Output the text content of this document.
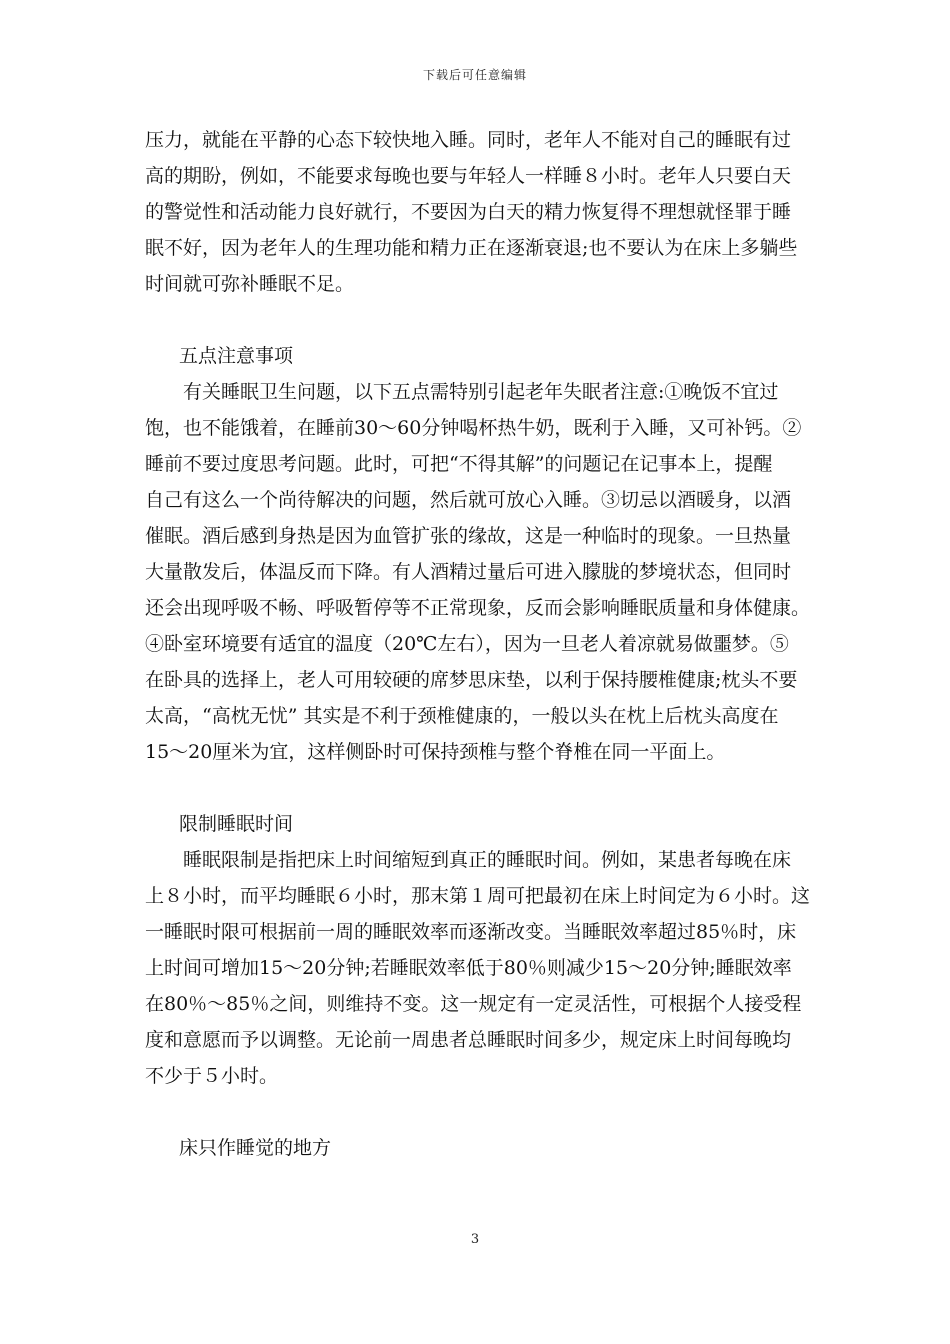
下载后可任意编辑
压力，就能在平静的心态下较快地入睡。同时，老年人不能对自己的睡眠有过
高的期盼，例如，不能要求每晚也要与年轻人一样睡８小时。老年人只要白天
的警觉性和活动能力良好就行，不要因为白天的精力恢复得不理想就怪罪于睡
眠不好，因为老年人的生理功能和精力正在逐渐衰退;也不要认为在床上多躺些
时间就可弥补睡眠不足。
五点注意事项
有关睡眠卫生问题，以下五点需特别引起老年失眠者注意:①晚饭不宜过
饱，也不能饿着，在睡前30～60分钟喝杯热牛奶，既利于入睡，又可补钙。②
睡前不要过度思考问题。此时，可把“不得其解”的问题记在记事本上，提醒
自己有这么一个尚待解决的问题，然后就可放心入睡。③切忌以酒暖身，以酒
催眠。酒后感到身热是因为血管扩张的缘故，这是一种临时的现象。一旦热量
大量散发后，体温反而下降。有人酒精过量后可进入朦胧的梦境状态，但同时
还会出现呼吸不畅、呼吸暂停等不正常现象，反而会影响睡眠质量和身体健康。
④卧室环境要有适宜的温度（20℃左右），因为一旦老人着凉就易做噩梦。⑤
在卧具的选择上，老人可用较硬的席梦思床垫，以利于保持腰椎健康;枕头不要
太高，“高枕无忧” 其实是不利于颈椎健康的，一般以头在枕上后枕头高度在
15～20厘米为宜，这样侧卧时可保持颈椎与整个脊椎在同一平面上。
限制睡眠时间
睡眠限制是指把床上时间缩短到真正的睡眠时间。例如，某患者每晚在床
上８小时，而平均睡眠６小时，那末第１周可把最初在床上时间定为６小时。这
一睡眠时限可根据前一周的睡眠效率而逐渐改变。当睡眠效率超过85％时，床
上时间可增加15～20分钟;若睡眠效率低于80％则减少15～20分钟;睡眠效率
在80％～85％之间，则维持不变。这一规定有一定灵活性，可根据个人接受程
度和意愿而予以调整。无论前一周患者总睡眠时间多少，规定床上时间每晚均
不少于５小时。
床只作睡觉的地方
3
